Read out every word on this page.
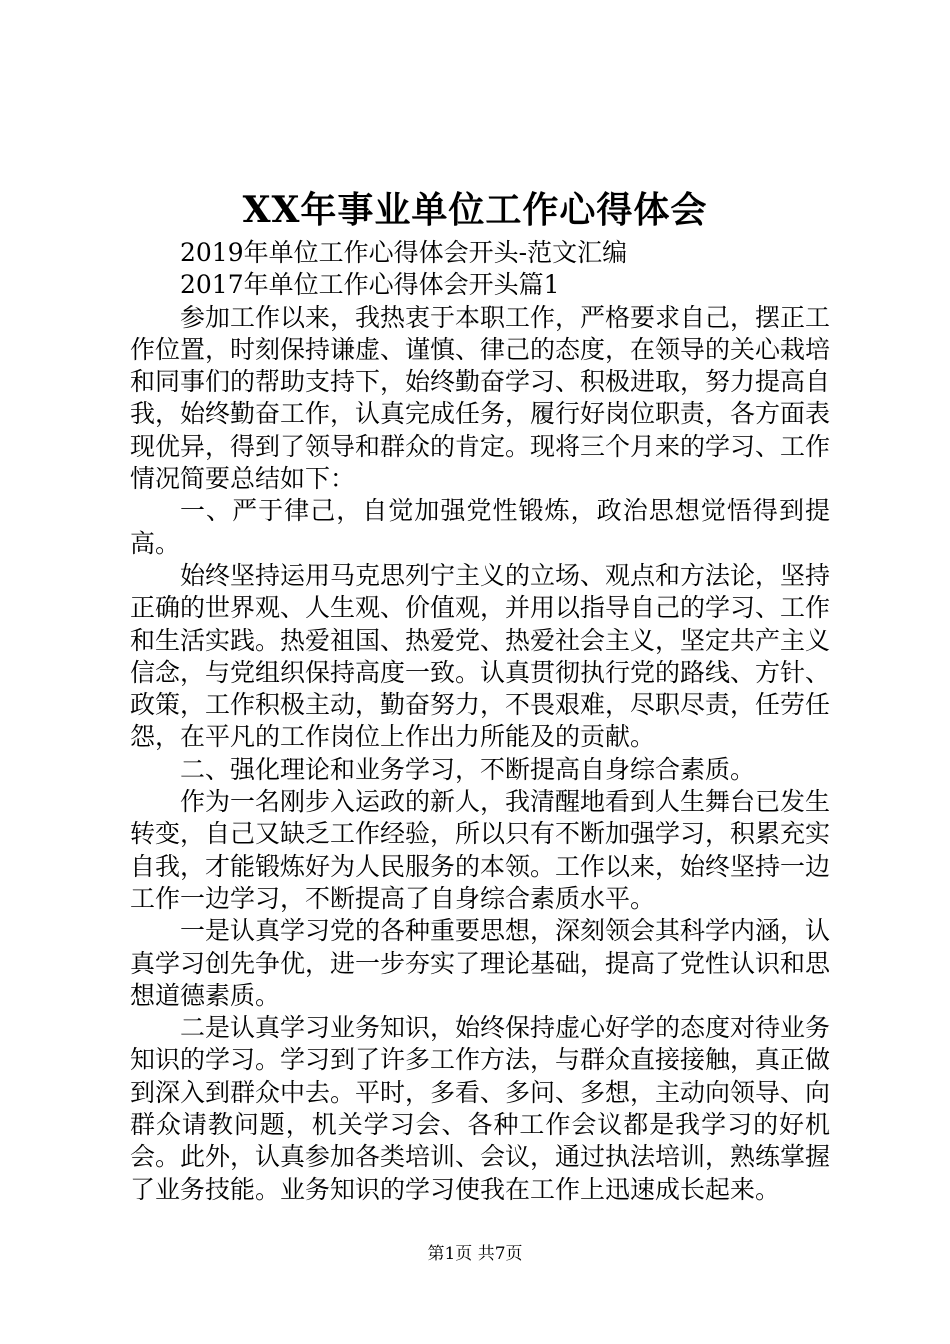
XX年事业单位工作心得体会

2019年单位工作心得体会开头-范文汇编

2017年单位工作心得体会开头篇1

参加工作以来，我热衷于本职工作，严格要求自己，摆正工作位置，时刻保持谦虚、谨慎、律己的态度，在领导的关心栽培和同事们的帮助支持下，始终勤奋学习、积极进取，努力提高自我，始终勤奋工作，认真完成任务，履行好岗位职责，各方面表现优异，得到了领导和群众的肯定。现将三个月来的学习、工作情况简要总结如下：

一、严于律己，自觉加强党性锻炼，政治思想觉悟得到提高。

始终坚持运用马克思列宁主义的立场、观点和方法论，坚持正确的世界观、人生观、价值观，并用以指导自己的学习、工作和生活实践。热爱祖国、热爱党、热爱社会主义，坚定共产主义信念，与党组织保持高度一致。认真贯彻执行党的路线、方针、政策，工作积极主动，勤奋努力，不畏艰难，尽职尽责，任劳任怨，在平凡的工作岗位上作出力所能及的贡献。

二、强化理论和业务学习，不断提高自身综合素质。

作为一名刚步入运政的新人，我清醒地看到人生舞台已发生转变，自己又缺乏工作经验，所以只有不断加强学习，积累充实自我，才能锻炼好为人民服务的本领。工作以来，始终坚持一边工作一边学习，不断提高了自身综合素质水平。

一是认真学习党的各种重要思想，深刻领会其科学内涵，认真学习创先争优，进一步夯实了理论基础，提高了党性认识和思想道德素质。

二是认真学习业务知识，始终保持虚心好学的态度对待业务知识的学习。学习到了许多工作方法，与群众直接接触，真正做到深入到群众中去。平时，多看、多问、多想，主动向领导、向群众请教问题，机关学习会、各种工作会议都是我学习的好机会。此外，认真参加各类培训、会议，通过执法培训，熟练掌握了业务技能。业务知识的学习使我在工作上迅速成长起来。

第1页 共7页
